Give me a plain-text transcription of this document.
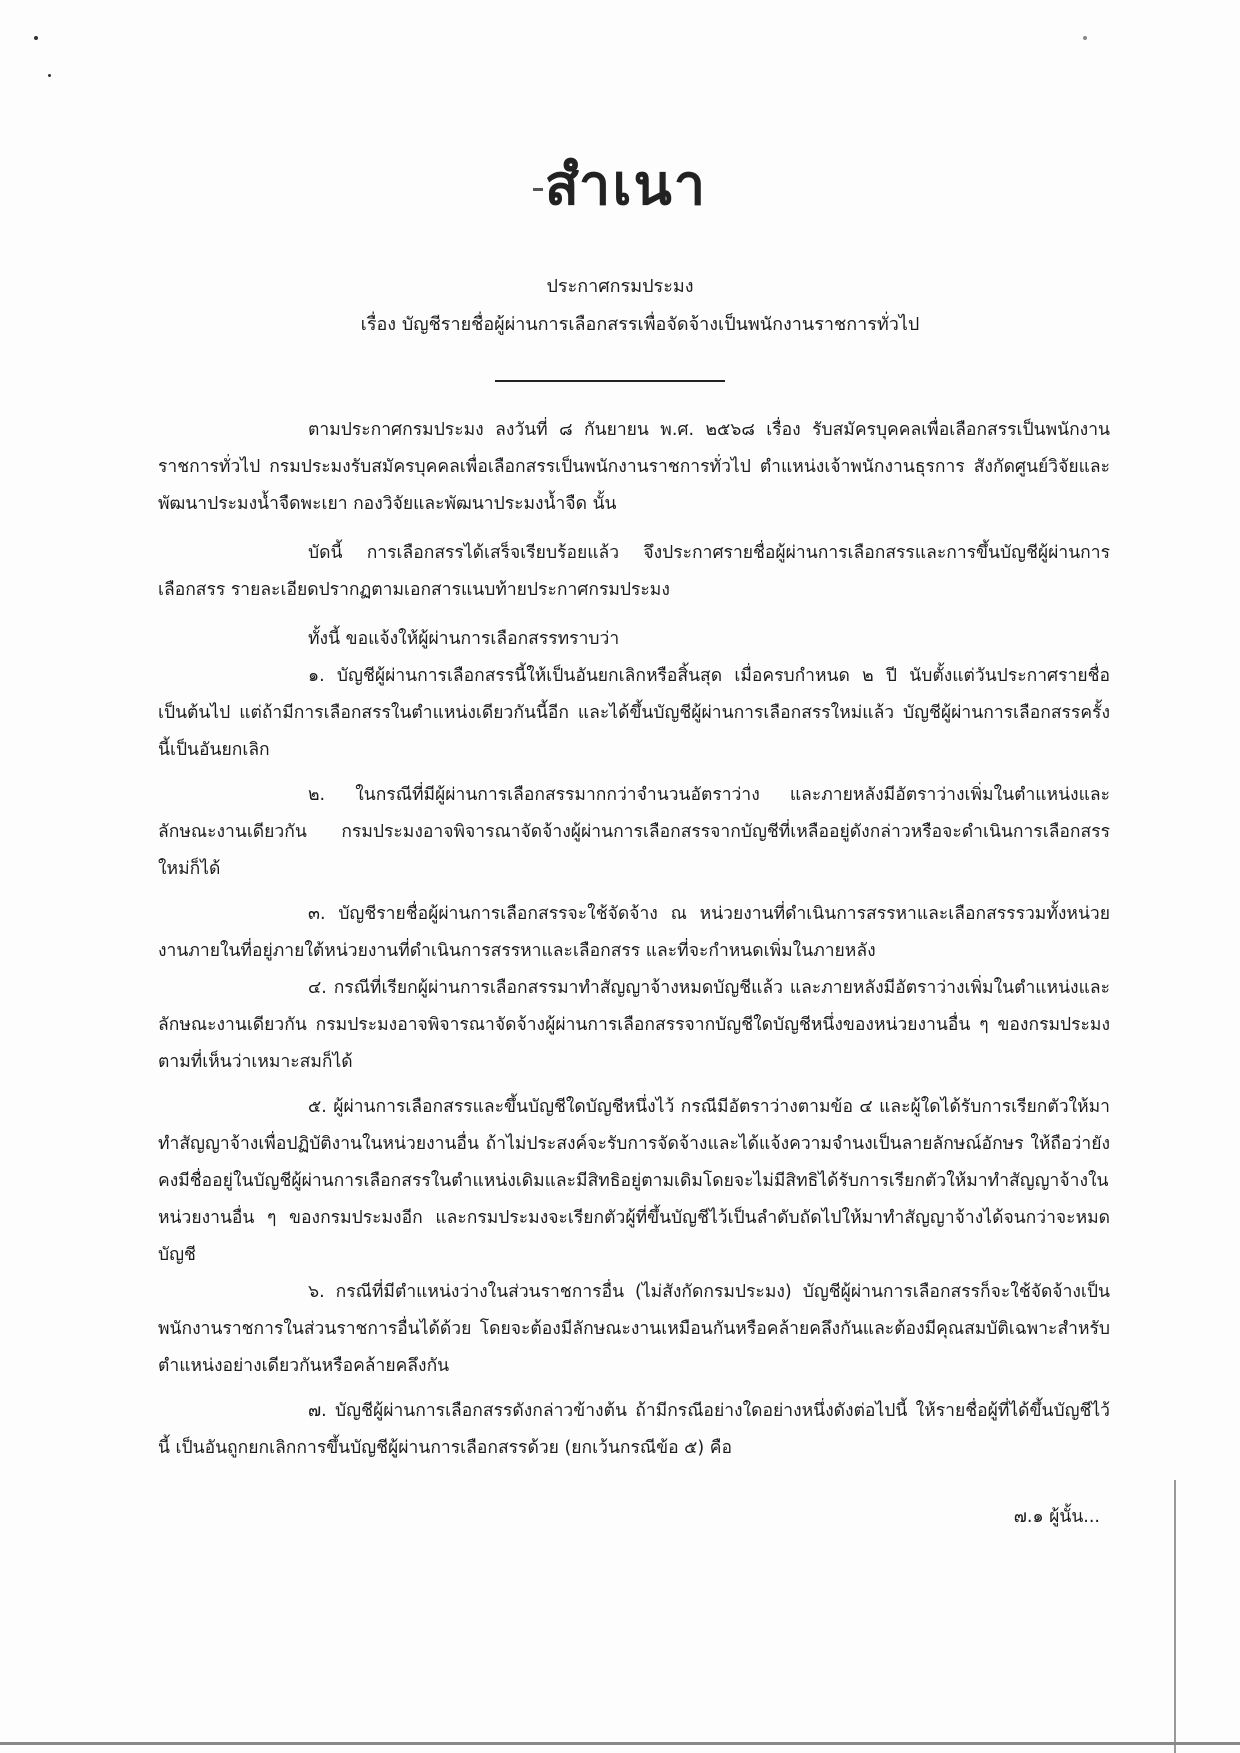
สำเนา
ประกาศกรมประมง
เรื่อง บัญชีรายชื่อผู้ผ่านการเลือกสรรเพื่อจัดจ้างเป็นพนักงานราชการทั่วไป

ตามประกาศกรมประมง ลงวันที่ ๘ กันยายน พ.ศ. ๒๕๖๘ เรื่อง รับสมัครบุคคลเพื่อเลือกสรรเป็นพนักงานราชการทั่วไป กรมประมงรับสมัครบุคคลเพื่อเลือกสรรเป็นพนักงานราชการทั่วไป ตำแหน่งเจ้าพนักงานธุรการ สังกัดศูนย์วิจัยและพัฒนาประมงน้ำจืดพะเยา กองวิจัยและพัฒนาประมงน้ำจืด นั้น

บัดนี้ การเลือกสรรได้เสร็จเรียบร้อยแล้ว จึงประกาศรายชื่อผู้ผ่านการเลือกสรรและการขึ้นบัญชีผู้ผ่านการเลือกสรร รายละเอียดปรากฏตามเอกสารแนบท้ายประกาศกรมประมง

ทั้งนี้ ขอแจ้งให้ผู้ผ่านการเลือกสรรทราบว่า

๑. บัญชีผู้ผ่านการเลือกสรรนี้ให้เป็นอันยกเลิกหรือสิ้นสุด เมื่อครบกำหนด ๒ ปี นับตั้งแต่วันประกาศรายชื่อเป็นต้นไป แต่ถ้ามีการเลือกสรรในตำแหน่งเดียวกันนี้อีก และได้ขึ้นบัญชีผู้ผ่านการเลือกสรรใหม่แล้ว บัญชีผู้ผ่านการเลือกสรรครั้งนี้เป็นอันยกเลิก

๒. ในกรณีที่มีผู้ผ่านการเลือกสรรมากกว่าจำนวนอัตราว่าง และภายหลังมีอัตราว่างเพิ่มในตำแหน่งและลักษณะงานเดียวกัน กรมประมงอาจพิจารณาจัดจ้างผู้ผ่านการเลือกสรรจากบัญชีที่เหลืออยู่ดังกล่าวหรือจะดำเนินการเลือกสรรใหม่ก็ได้

๓. บัญชีรายชื่อผู้ผ่านการเลือกสรรจะใช้จัดจ้าง ณ หน่วยงานที่ดำเนินการสรรหาและเลือกสรรรวมทั้งหน่วยงานภายในที่อยู่ภายใต้หน่วยงานที่ดำเนินการสรรหาและเลือกสรร และที่จะกำหนดเพิ่มในภายหลัง

๔. กรณีที่เรียกผู้ผ่านการเลือกสรรมาทำสัญญาจ้างหมดบัญชีแล้ว และภายหลังมีอัตราว่างเพิ่มในตำแหน่งและลักษณะงานเดียวกัน กรมประมงอาจพิจารณาจัดจ้างผู้ผ่านการเลือกสรรจากบัญชีใดบัญชีหนึ่งของหน่วยงานอื่น ๆ ของกรมประมง ตามที่เห็นว่าเหมาะสมก็ได้

๕. ผู้ผ่านการเลือกสรรและขึ้นบัญชีใดบัญชีหนึ่งไว้ กรณีมีอัตราว่างตามข้อ ๔ และผู้ใดได้รับการเรียกตัวให้มาทำสัญญาจ้างเพื่อปฏิบัติงานในหน่วยงานอื่น ถ้าไม่ประสงค์จะรับการจัดจ้างและได้แจ้งความจำนงเป็นลายลักษณ์อักษร ให้ถือว่ายังคงมีชื่ออยู่ในบัญชีผู้ผ่านการเลือกสรรในตำแหน่งเดิมและมีสิทธิอยู่ตามเดิมโดยจะไม่มีสิทธิได้รับการเรียกตัวให้มาทำสัญญาจ้างในหน่วยงานอื่น ๆ ของกรมประมงอีก และกรมประมงจะเรียกตัวผู้ที่ขึ้นบัญชีไว้เป็นลำดับถัดไปให้มาทำสัญญาจ้างได้จนกว่าจะหมดบัญชี

๖. กรณีที่มีตำแหน่งว่างในส่วนราชการอื่น (ไม่สังกัดกรมประมง) บัญชีผู้ผ่านการเลือกสรรก็จะใช้จัดจ้างเป็นพนักงานราชการในส่วนราชการอื่นได้ด้วย โดยจะต้องมีลักษณะงานเหมือนกันหรือคล้ายคลึงกันและต้องมีคุณสมบัติเฉพาะสำหรับตำแหน่งอย่างเดียวกันหรือคล้ายคลึงกัน

๗. บัญชีผู้ผ่านการเลือกสรรดังกล่าวข้างต้น ถ้ามีกรณีอย่างใดอย่างหนึ่งดังต่อไปนี้ ให้รายชื่อผู้ที่ได้ขึ้นบัญชีไว้นี้ เป็นอันถูกยกเลิกการขึ้นบัญชีผู้ผ่านการเลือกสรรด้วย (ยกเว้นกรณีข้อ ๕) คือ

๗.๑ ผู้นั้น...
